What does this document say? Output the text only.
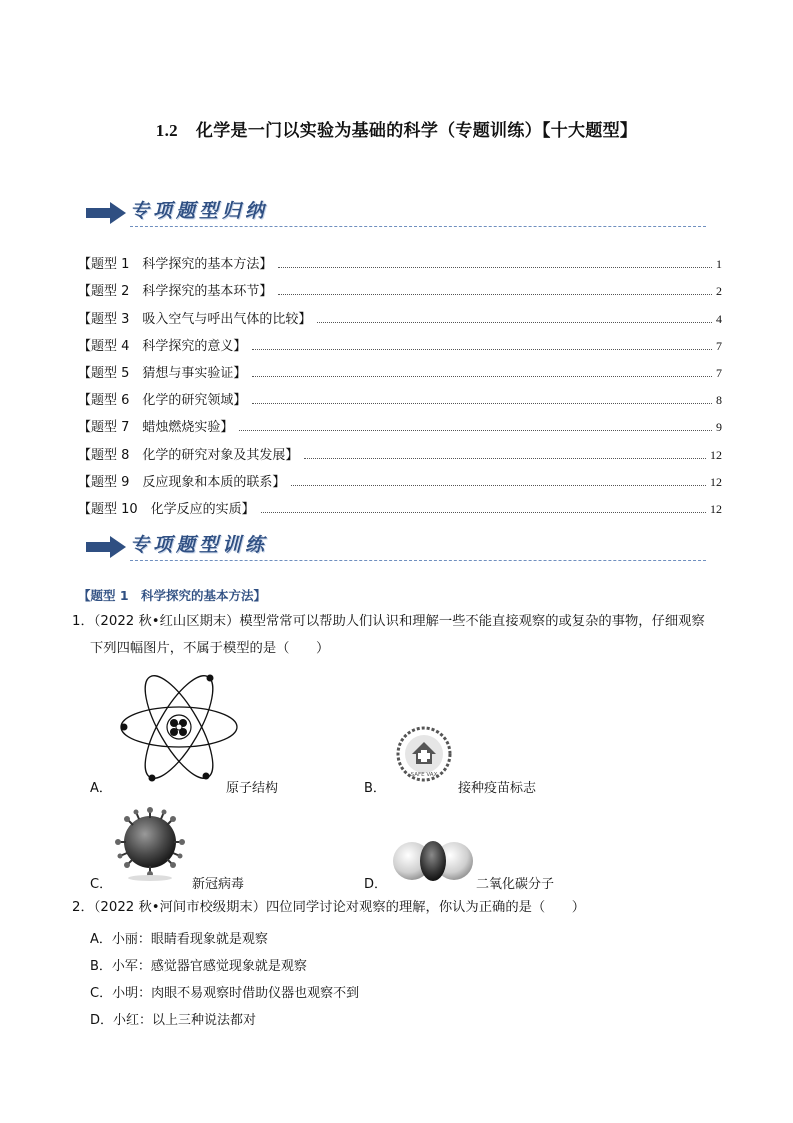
1.2 化学是一门以实验为基础的科学（专题训练）【十大题型】
专项题型归纳
【题型 1　科学探究的基本方法】	1
【题型 2　科学探究的基本环节】	2
【题型 3　吸入空气与呼出气体的比较】	4
【题型 4　科学探究的意义】	7
【题型 5　猜想与事实验证】	7
【题型 6　化学的研究领域】	8
【题型 7　蜡烛燃烧实验】	9
【题型 8　化学的研究对象及其发展】	12
【题型 9　反应现象和本质的联系】	12
【题型 10　化学反应的实质】	12
专项题型训练
【题型 1　科学探究的基本方法】
1．（2022 秋•红山区期末）模型常常可以帮助人们认识和理解一些不能直接观察的或复杂的事物，仔细观察
下列四幅图片，不属于模型的是（　　）
A．	原子结构
SAFE VAX
B．	接种疫苗标志
C．	新冠病毒	D．	二氧化碳分子
2．（2022 秋•河间市校级期末）四位同学讨论对观察的理解，你认为正确的是（　　）
A．小丽：眼睛看现象就是观察
B．小军：感觉器官感觉现象就是观察
C．小明：肉眼不易观察时借助仪器也观察不到
D．小红：以上三种说法都对
